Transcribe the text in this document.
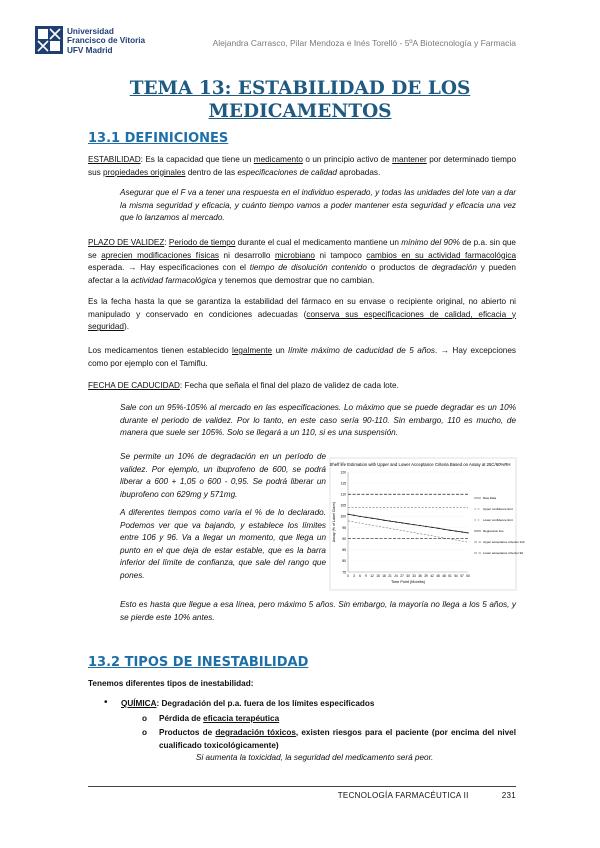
Universidad
Francisco de Vitoria
UFV Madrid
Alejandra Carrasco, Pilar Mendoza e Inés Torelló - 5ºA Biotecnología y Farmacia
TEMA 13: ESTABILIDAD DE LOS
MEDICAMENTOS
13.1 DEFINICIONES
ESTABILIDAD: Es la capacidad que tiene un medicamento o un principio activo de mantener por determinado tiempo sus propiedades originales dentro de las especificaciones de calidad aprobadas.
Asegurar que el F va a tener una respuesta en el individuo esperado, y todas las unidades del lote van a dar la misma seguridad y eficacia, y cuánto tiempo vamos a poder mantener esta seguridad y eficacia una vez que lo lanzamos al mercado.
PLAZO DE VALIDEZ: Periodo de tiempo durante el cual el medicamento mantiene un mínimo del 90% de p.a. sin que se aprecien modificaciones físicas ni desarrollo microbiano ni tampoco cambios en su actividad farmacológica esperada. → Hay especificaciones con el tiempo de disolución contenido o productos de degradación y pueden afectar a la actividad farmacológica y tenemos que demostrar que no cambian.
Es la fecha hasta la que se garantiza la estabilidad del fármaco en su envase o recipiente original, no abierto ni manipulado y conservado en condiciones adecuadas (conserva sus especificaciones de calidad, eficacia y seguridad).
Los medicamentos tienen establecido legalmente un límite máximo de caducidad de 5 años. → Hay excepciones como por ejemplo con el Tamiflu.
FECHA DE CADUCIDAD: Fecha que señala el final del plazo de validez de cada lote.
Sale con un 95%-105% al mercado en las especificaciones. Lo máximo que se puede degradar es un 10% durante el periodo de validez. Por lo tanto, en este caso sería 90-110. Sin embargo, 110 es mucho, de manera que suele ser 105%. Solo se llegará a un 110, si es una suspensión.
Se permite un 10% de degradación en un período de validez. Por ejemplo, un ibuprofeno de 600, se podrá liberar a 600 + 1,05 o 600 - 0,95. Se podrá liberar un ibuprofeno con 629mg y 571mg.
A diferentes tiempos como varía el % de lo declarado. Podemos ver que va bajando, y establece los límites entre 106 y 96. Va a llegar un momento, que llega un punto en el que deja de estar estable, que es la barra inferior del límite de confianza, que sale del rango que pones.
Shelf life Estimation with Upper and Lower Acceptance Criteria Based on Assay at 25C/60%RH
75
80
85
90
95
100
105
110
115
120
0 3 6 9 12 15 18 21 24 27 30 33 36 39 42 45 48 51 54 57 60
Time Point (Months)
Assay (% of Label Claim)
Raw Data
Upper confidence limit
Lower confidence limit
Regression line
Upper acceptance criterion 110
Lower acceptance criterion 90
Esto es hasta que llegue a esa línea, pero máximo 5 años. Sin embargo, la mayoría no llega a los 5 años, y se pierde este 10% antes.
13.2 TIPOS DE INESTABILIDAD
Tenemos diferentes tipos de inestabilidad:
• QUÍMICA: Degradación del p.a. fuera de los límites especificados
o Pérdida de eficacia terapéutica
o Productos de degradación tóxicos, existen riesgos para el paciente (por encima del nivel cualificado toxicológicamente)
Si aumenta la toxicidad, la seguridad del medicamento será peor.
TECNOLOGÍA FARMACÉUTICA II	231
